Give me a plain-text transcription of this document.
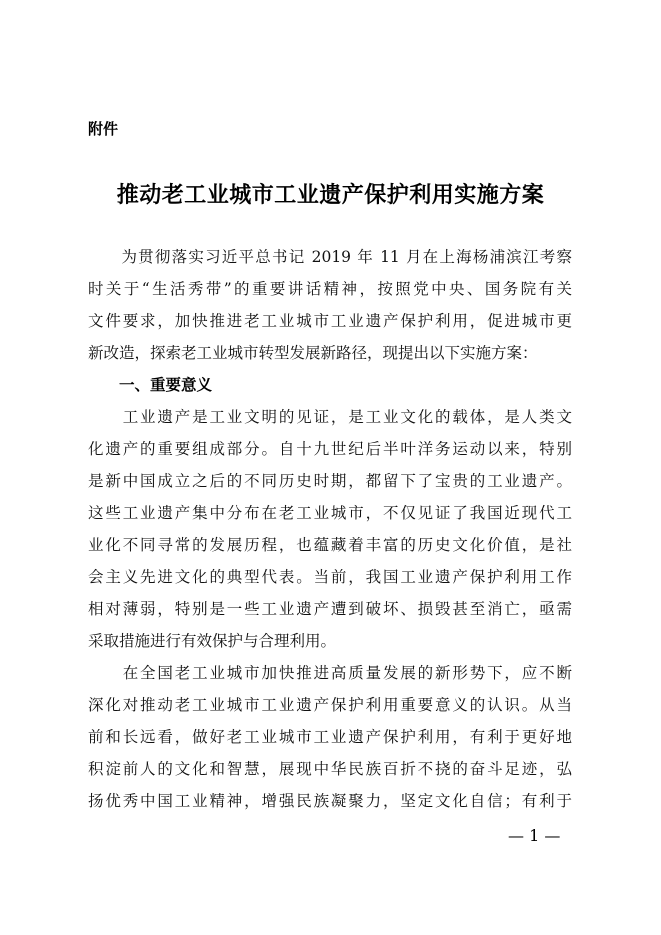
附件
推动老工业城市工业遗产保护利用实施方案
　　为贯彻落实习近平总书记 2019 年 11 月在上海杨浦滨江考察
时关于“生活秀带”的重要讲话精神，按照党中央、国务院有关
文件要求，加快推进老工业城市工业遗产保护利用，促进城市更
新改造，探索老工业城市转型发展新路径，现提出以下实施方案：
一、重要意义
　　工业遗产是工业文明的见证，是工业文化的载体，是人类文
化遗产的重要组成部分。自十九世纪后半叶洋务运动以来，特别
是新中国成立之后的不同历史时期，都留下了宝贵的工业遗产。
这些工业遗产集中分布在老工业城市，不仅见证了我国近现代工
业化不同寻常的发展历程，也蕴藏着丰富的历史文化价值，是社
会主义先进文化的典型代表。当前，我国工业遗产保护利用工作
相对薄弱，特别是一些工业遗产遭到破坏、损毁甚至消亡，亟需
采取措施进行有效保护与合理利用。
　　在全国老工业城市加快推进高质量发展的新形势下，应不断
深化对推动老工业城市工业遗产保护利用重要意义的认识。从当
前和长远看，做好老工业城市工业遗产保护利用，有利于更好地
积淀前人的文化和智慧，展现中华民族百折不挠的奋斗足迹，弘
扬优秀中国工业精神，增强民族凝聚力，坚定文化自信；有利于
— 1 —
